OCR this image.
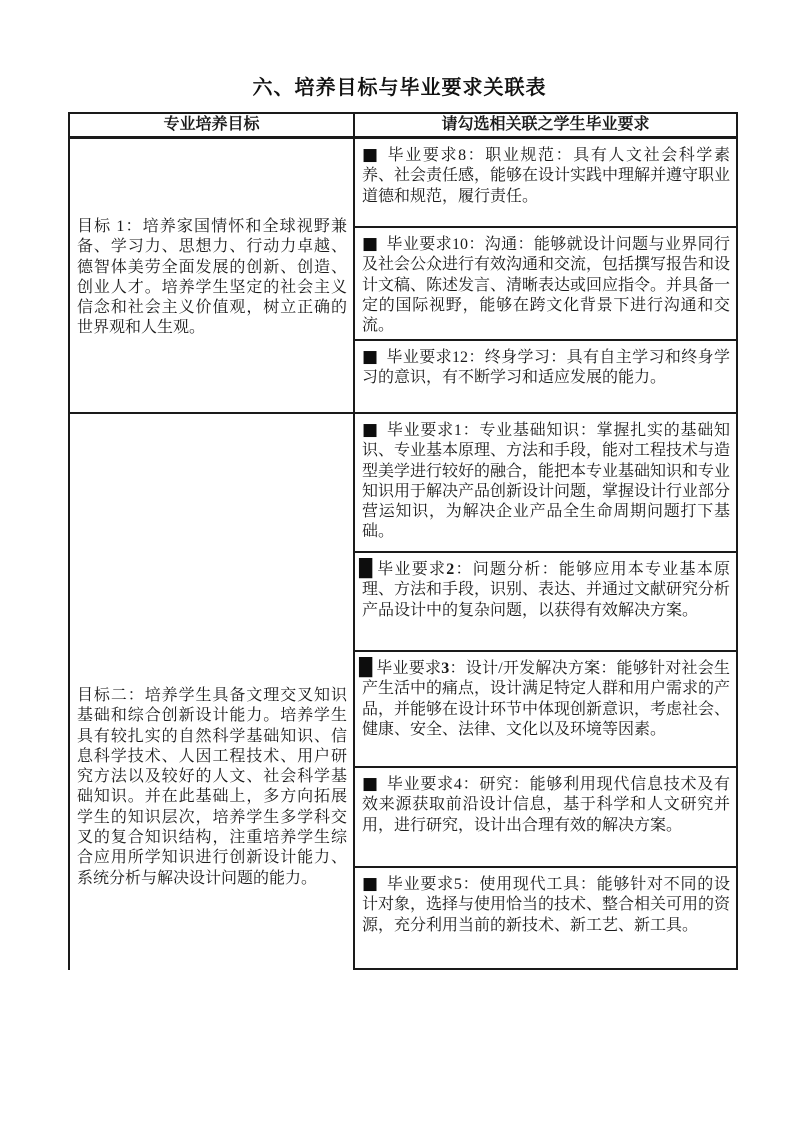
六、培养目标与毕业要求关联表
专业培养目标	请勾选相关联之学生毕业要求

目标 1：培养家国情怀和全球视野兼备、学习力、思想力、行动力卓越、德智体美劳全面发展的创新、创造、创业人才。培养学生坚定的社会主义信念和社会主义价值观，树立正确的世界观和人生观。

■ 毕业要求8：职业规范：具有人文社会科学素养、社会责任感，能够在设计实践中理解并遵守职业道德和规范，履行责任。
■ 毕业要求10：沟通：能够就设计问题与业界同行及社会公众进行有效沟通和交流，包括撰写报告和设计文稿、陈述发言、清晰表达或回应指令。并具备一定的国际视野，能够在跨文化背景下进行沟通和交流。
■ 毕业要求12：终身学习：具有自主学习和终身学习的意识，有不断学习和适应发展的能力。

目标二：培养学生具备文理交叉知识基础和综合创新设计能力。培养学生具有较扎实的自然科学基础知识、信息科学技术、人因工程技术、用户研究方法以及较好的人文、社会科学基础知识。并在此基础上，多方向拓展学生的知识层次，培养学生多学科交叉的复合知识结构，注重培养学生综合应用所学知识进行创新设计能力、系统分析与解决设计问题的能力。

■ 毕业要求1：专业基础知识：掌握扎实的基础知识、专业基本原理、方法和手段，能对工程技术与造型美学进行较好的融合，能把本专业基础知识和专业知识用于解决产品创新设计问题，掌握设计行业部分营运知识，为解决企业产品全生命周期问题打下基础。
█ 毕业要求2：问题分析：能够应用本专业基本原理、方法和手段，识别、表达、并通过文献研究分析产品设计中的复杂问题，以获得有效解决方案。
█ 毕业要求3：设计/开发解决方案：能够针对社会生产生活中的痛点，设计满足特定人群和用户需求的产品，并能够在设计环节中体现创新意识，考虑社会、健康、安全、法律、文化以及环境等因素。
■ 毕业要求4：研究：能够利用现代信息技术及有效来源获取前沿设计信息，基于科学和人文研究并用，进行研究，设计出合理有效的解决方案。
■ 毕业要求5：使用现代工具：能够针对不同的设计对象，选择与使用恰当的技术、整合相关可用的资源，充分利用当前的新技术、新工艺、新工具。
